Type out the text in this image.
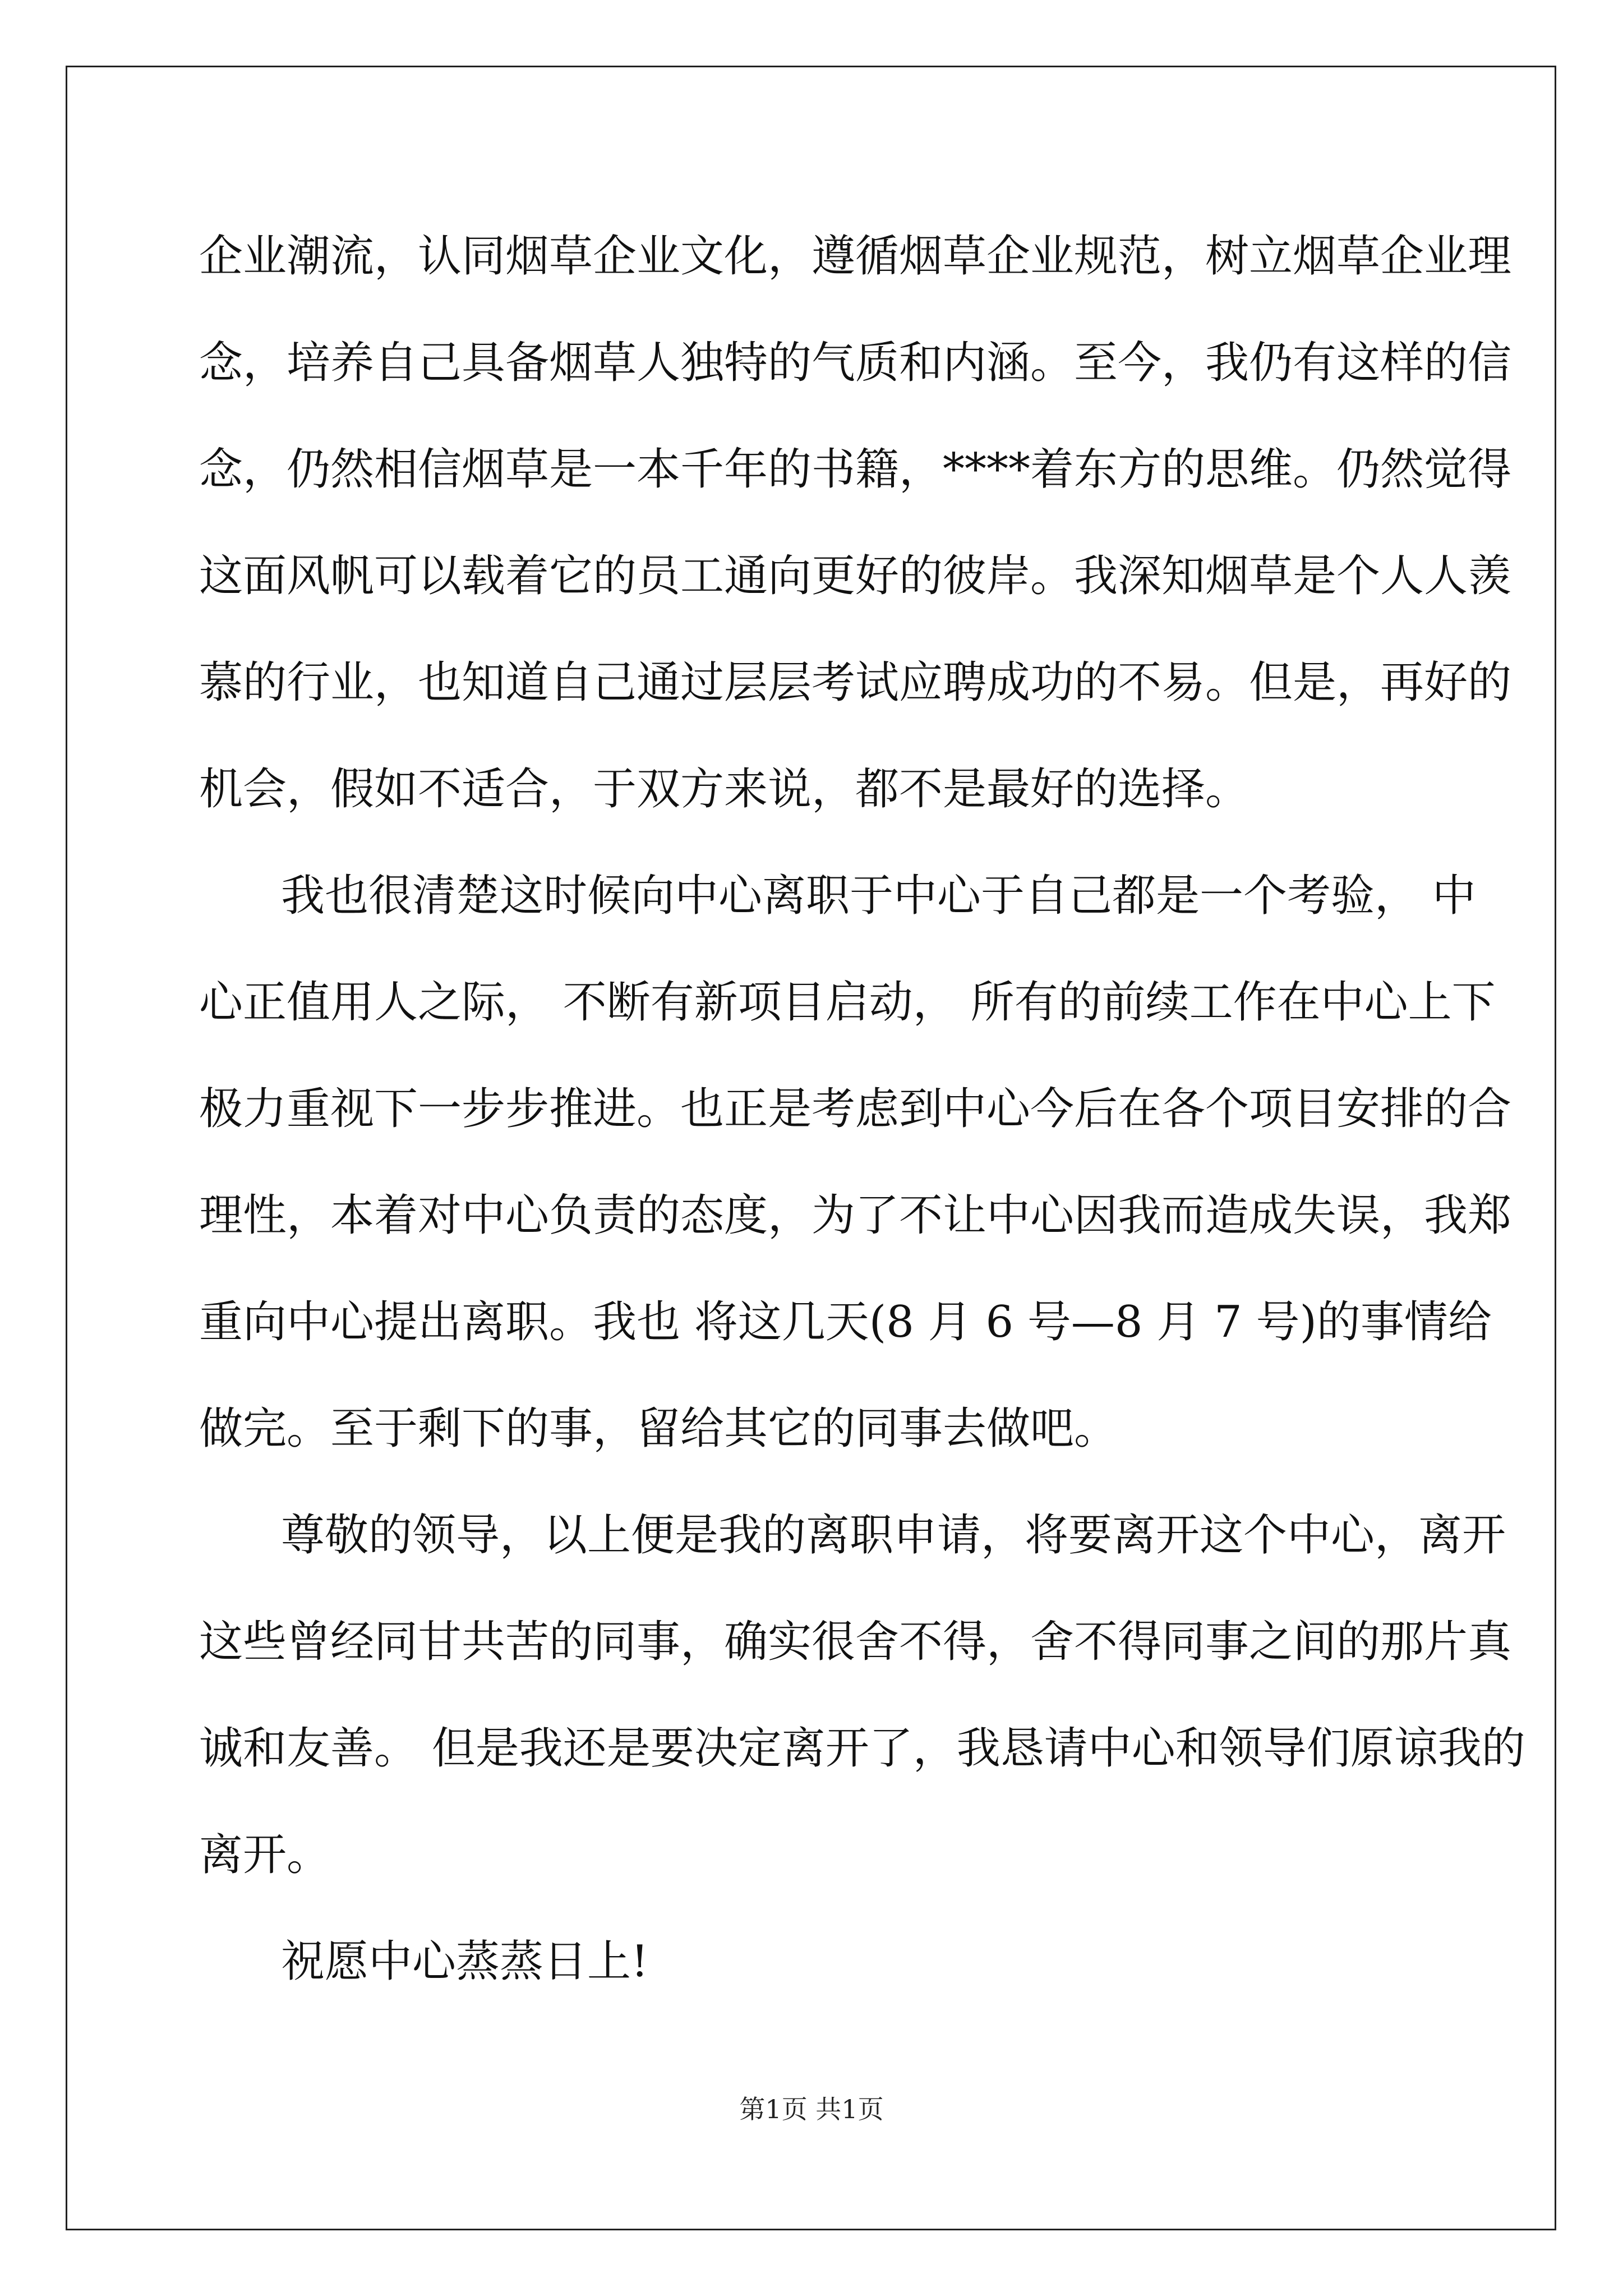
企业潮流，认同烟草企业文化，遵循烟草企业规范，树立烟草企业理
念，培养自己具备烟草人独特的气质和内涵。至今，我仍有这样的信
念，仍然相信烟草是一本千年的书籍，****着东方的思维。仍然觉得
这面风帆可以载着它的员工通向更好的彼岸。我深知烟草是个人人羡
慕的行业，也知道自己通过层层考试应聘成功的不易。但是，再好的
机会，假如不适合，于双方来说，都不是最好的选择。
我也很清楚这时候向中心离职于中心于自己都是一个考验， 中
心正值用人之际， 不断有新项目启动， 所有的前续工作在中心上下
极力重视下一步步推进。也正是考虑到中心今后在各个项目安排的合
理性，本着对中心负责的态度，为了不让中心因我而造成失误，我郑
重向中心提出离职。我也 将这几天(8 月 6 号—8 月 7 号)的事情给
做完。至于剩下的事，留给其它的同事去做吧。
尊敬的领导，以上便是我的离职申请，将要离开这个中心，离开
这些曾经同甘共苦的同事，确实很舍不得，舍不得同事之间的那片真
诚和友善。 但是我还是要决定离开了，我恳请中心和领导们原谅我的
离开。
祝愿中心蒸蒸日上!
第1页 共1页
